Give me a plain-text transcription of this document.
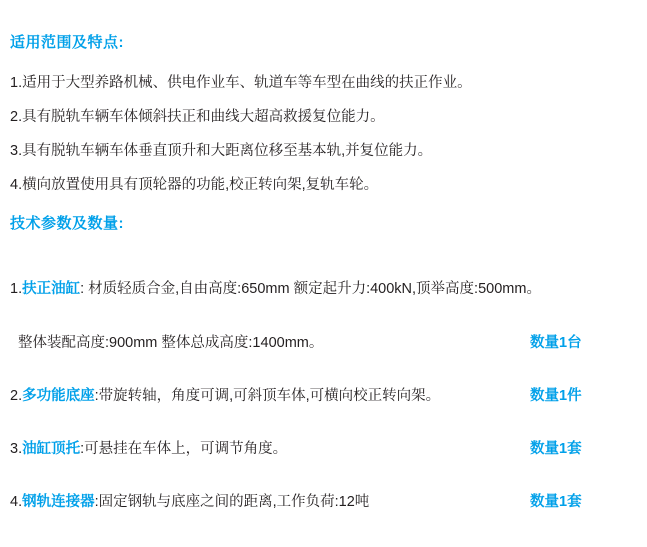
适用范围及特点:
1.适用于大型养路机械、供电作业车、轨道车等车型在曲线的扶正作业。
2.具有脱轨车辆车体倾斜扶正和曲线大超高救援复位能力。
3.具有脱轨车辆车体垂直顶升和大距离位移至基本轨,并复位能力。
4.横向放置使用具有顶轮器的功能,校正转向架,复轨车轮。
技术参数及数量:
1.扶正油缸: 材质轻质合金,自由高度:650mm 额定起升力:400kN,顶举高度:500mm。
整体装配高度:900mm 整体总成高度:1400mm。	数量1台
2.多功能底座:带旋转轴，角度可调,可斜顶车体,可横向校正转向架。	数量1件
3.油缸顶托:可悬挂在车体上，可调节角度。	数量1套
4.钢轨连接器:固定钢轨与底座之间的距离,工作负荷:12吨	数量1套
